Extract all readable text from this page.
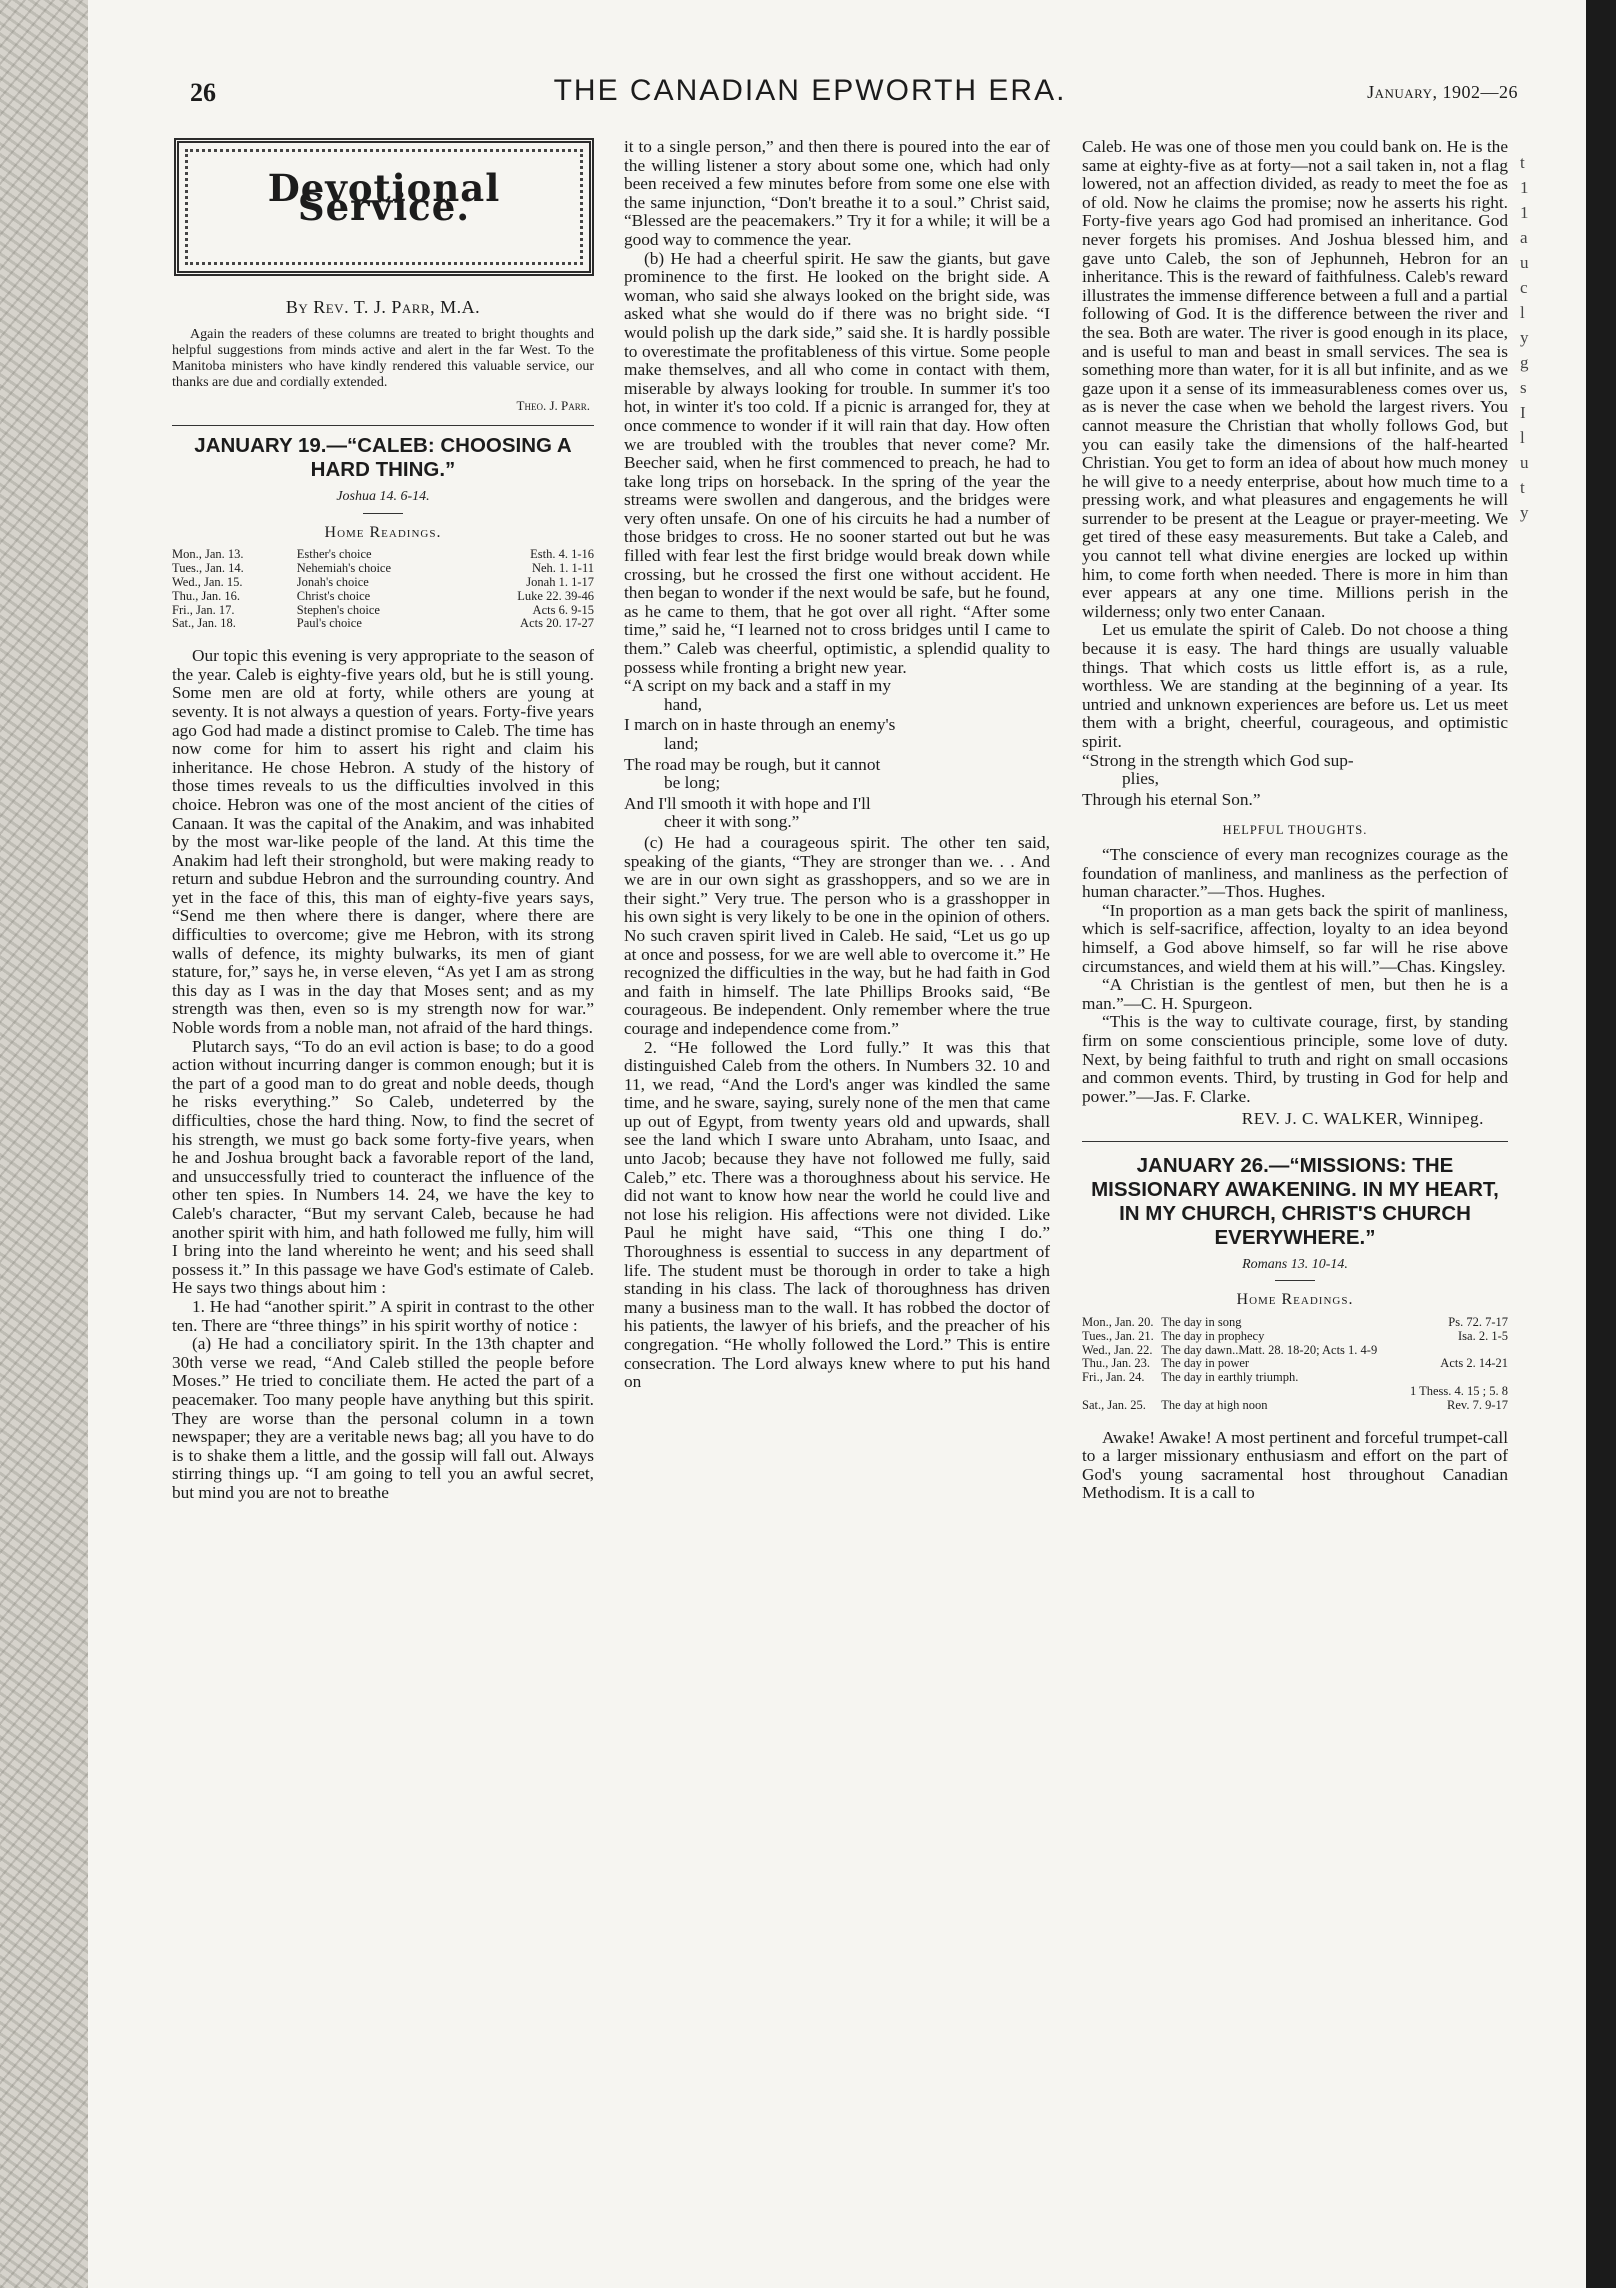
t
1
1
a
u
c
l
y
g
s
I
l
u
t
y
26	THE CANADIAN EPWORTH ERA.	January, 1902—26
Devotional Service.
By Rev. T. J. Parr, M.A.

Again the readers of these columns are treated to bright thoughts and helpful suggestions from minds active and alert in the far West. To the Manitoba ministers who have kindly rendered this valuable service, our thanks are due and cordially extended.

Theo. J. Parr.
JANUARY 19.—“CALEB: CHOOSING A HARD THING.”
Joshua 14. 6-14.
Home Readings.
Mon., Jan. 13.	Esther's choice	Esth. 4. 1-16
Tues., Jan. 14.	Nehemiah's choice	Neh. 1. 1-11
Wed., Jan. 15.	Jonah's choice	Jonah 1. 1-17
Thu., Jan. 16.	Christ's choice	Luke 22. 39-46
Fri., Jan. 17.	Stephen's choice	Acts 6. 9-15
Sat., Jan. 18.	Paul's choice	Acts 20. 17-27

Our topic this evening is very appropriate to the season of the year. Caleb is eighty-five years old, but he is still young. Some men are old at forty, while others are young at seventy. It is not always a question of years. Forty-five years ago God had made a distinct promise to Caleb. The time has now come for him to assert his right and claim his inheritance. He chose Hebron. A study of the history of those times reveals to us the difficulties involved in this choice. Hebron was one of the most ancient of the cities of Canaan. It was the capital of the Anakim, and was inhabited by the most war-like people of the land. At this time the Anakim had left their stronghold, but were making ready to return and subdue Hebron and the surrounding country. And yet in the face of this, this man of eighty-five years says, “Send me then where there is danger, where there are difficulties to overcome; give me Hebron, with its strong walls of defence, its mighty bulwarks, its men of giant stature, for,” says he, in verse eleven, “As yet I am as strong this day as I was in the day that Moses sent; and as my strength was then, even so is my strength now for war.” Noble words from a noble man, not afraid of the hard things.

Plutarch says, “To do an evil action is base; to do a good action without incurring danger is common enough; but it is the part of a good man to do great and noble deeds, though he risks everything.” So Caleb, undeterred by the difficulties, chose the hard thing. Now, to find the secret of his strength, we must go back some forty-five years, when he and Joshua brought back a favorable report of the land, and unsuccessfully tried to counteract the influence of the other ten spies. In Numbers 14. 24, we have the key to Caleb's character, “But my servant Caleb, because he had another spirit with him, and hath followed me fully, him will I bring into the land whereinto he went; and his seed shall possess it.” In this passage we have God's estimate of Caleb. He says two things about him :

1. He had “another spirit.” A spirit in contrast to the other ten. There are “three things” in his spirit worthy of notice :

(a) He had a conciliatory spirit. In the 13th chapter and 30th verse we read, “And Caleb stilled the people before Moses.” He tried to conciliate them. He acted the part of a peacemaker. Too many people have anything but this spirit. They are worse than the personal column in a town newspaper; they are a veritable news bag; all you have to do is to shake them a little, and the gossip will fall out. Always stirring things up. “I am going to tell you an awful secret, but mind you are not to breathe

it to a single person,” and then there is poured into the ear of the willing listener a story about some one, which had only been received a few minutes before from some one else with the same injunction, “Don't breathe it to a soul.” Christ said, “Blessed are the peacemakers.” Try it for a while; it will be a good way to commence the year.

(b) He had a cheerful spirit. He saw the giants, but gave prominence to the first. He looked on the bright side. A woman, who said she always looked on the bright side, was asked what she would do if there was no bright side. “I would polish up the dark side,” said she. It is hardly possible to overestimate the profitableness of this virtue. Some people make themselves, and all who come in contact with them, miserable by always looking for trouble. In summer it's too hot, in winter it's too cold. If a picnic is arranged for, they at once commence to wonder if it will rain that day. How often we are troubled with the troubles that never come? Mr. Beecher said, when he first commenced to preach, he had to take long trips on horseback. In the spring of the year the streams were swollen and dangerous, and the bridges were very often unsafe. On one of his circuits he had a number of those bridges to cross. He no sooner started out but he was filled with fear lest the first bridge would break down while crossing, but he crossed the first one without accident. He then began to wonder if the next would be safe, but he found, as he came to them, that he got over all right. “After some time,” said he, “I learned not to cross bridges until I came to them.” Caleb was cheerful, optimistic, a splendid quality to possess while fronting a bright new year.

“A script on my back and a staff in my
hand,
I march on in haste through an enemy's
land;
The road may be rough, but it cannot
be long;
And I'll smooth it with hope and I'll
cheer it with song.”

(c) He had a courageous spirit. The other ten said, speaking of the giants, “They are stronger than we. . . And we are in our own sight as grasshoppers, and so we are in their sight.” Very true. The person who is a grasshopper in his own sight is very likely to be one in the opinion of others. No such craven spirit lived in Caleb. He said, “Let us go up at once and possess, for we are well able to overcome it.” He recognized the difficulties in the way, but he had faith in God and faith in himself. The late Phillips Brooks said, “Be courageous. Be independent. Only remember where the true courage and independence come from.”

2. “He followed the Lord fully.” It was this that distinguished Caleb from the others. In Numbers 32. 10 and 11, we read, “And the Lord's anger was kindled the same time, and he sware, saying, surely none of the men that came up out of Egypt, from twenty years old and upwards, shall see the land which I sware unto Abraham, unto Isaac, and unto Jacob; because they have not followed me fully, said Caleb,” etc. There was a thoroughness about his service. He did not want to know how near the world he could live and not lose his religion. His affections were not divided. Like Paul he might have said, “This one thing I do.” Thoroughness is essential to success in any department of life. The student must be thorough in order to take a high standing in his class. The lack of thoroughness has driven many a business man to the wall. It has robbed the doctor of his patients, the lawyer of his briefs, and the preacher of his congregation. “He wholly followed the Lord.” This is entire consecration. The Lord always knew where to put his hand on

Caleb. He was one of those men you could bank on. He is the same at eighty-five as at forty—not a sail taken in, not a flag lowered, not an affection divided, as ready to meet the foe as of old. Now he claims the promise; now he asserts his right. Forty-five years ago God had promised an inheritance. God never forgets his promises. And Joshua blessed him, and gave unto Caleb, the son of Jephunneh, Hebron for an inheritance. This is the reward of faithfulness. Caleb's reward illustrates the immense difference between a full and a partial following of God. It is the difference between the river and the sea. Both are water. The river is good enough in its place, and is useful to man and beast in small services. The sea is something more than water, for it is all but infinite, and as we gaze upon it a sense of its immeasurableness comes over us, as is never the case when we behold the largest rivers. You cannot measure the Christian that wholly follows God, but you can easily take the dimensions of the half-hearted Christian. You get to form an idea of about how much money he will give to a needy enterprise, about how much time to a pressing work, and what pleasures and engagements he will surrender to be present at the League or prayer-meeting. We get tired of these easy measurements. But take a Caleb, and you cannot tell what divine energies are locked up within him, to come forth when needed. There is more in him than ever appears at any one time. Millions perish in the wilderness; only two enter Canaan.

Let us emulate the spirit of Caleb. Do not choose a thing because it is easy. The hard things are usually valuable things. That which costs us little effort is, as a rule, worthless. We are standing at the beginning of a year. Its untried and unknown experiences are before us. Let us meet them with a bright, cheerful, courageous, and optimistic spirit.

“Strong in the strength which God sup-
plies,
Through his eternal Son.”
HELPFUL THOUGHTS.

“The conscience of every man recognizes courage as the foundation of manliness, and manliness as the perfection of human character.”—Thos. Hughes.

“In proportion as a man gets back the spirit of manliness, which is self-sacrifice, affection, loyalty to an idea beyond himself, a God above himself, so far will he rise above circumstances, and wield them at his will.”—Chas. Kingsley.

“A Christian is the gentlest of men, but then he is a man.”—C. H. Spurgeon.

“This is the way to cultivate courage, first, by standing firm on some conscientious principle, some love of duty. Next, by being faithful to truth and right on small occasions and common events. Third, by trusting in God for help and power.”—Jas. F. Clarke.

REV. J. C. WALKER, Winnipeg.
JANUARY 26.—“MISSIONS: THE MISSIONARY AWAKENING. IN MY HEART, IN MY CHURCH, CHRIST'S CHURCH EVERYWHERE.”
Romans 13. 10-14.
Home Readings.
Mon., Jan. 20.	The day in song	Ps. 72. 7-17
Tues., Jan. 21.	The day in prophecy	Isa. 2. 1-5
Wed., Jan. 22.	The day dawn..Matt. 28. 18-20; Acts 1. 4-9	
Thu., Jan. 23.	The day in power	Acts 2. 14-21
Fri., Jan. 24.	The day in earthly triumph.	
		1 Thess. 4. 15 ; 5. 8
Sat., Jan. 25.	The day at high noon	Rev. 7. 9-17

Awake! Awake! A most pertinent and forceful trumpet-call to a larger missionary enthusiasm and effort on the part of God's young sacramental host throughout Canadian Methodism. It is a call to
